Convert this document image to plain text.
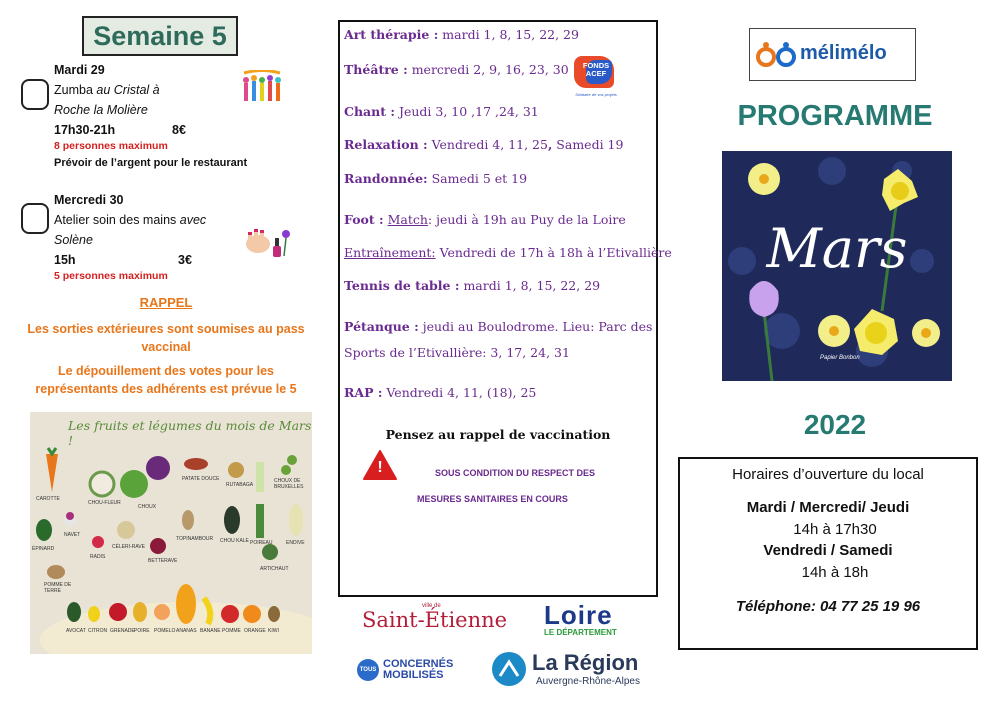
Semaine 5
Mardi 29
Zumba au Cristal à
Roche la Molière
17h30-21h	8€
8 personnes maximum
Prévoir de l’argent pour le restaurant
Mercredi 30
Atelier soin des mains avec
Solène
15h	3€
5 personnes maximum
RAPPEL
Les sorties extérieures sont soumises au pass
vaccinal
Le dépouillement des votes pour les
représentants des adhérents est prévue le 5
Les fruits et légumes du mois de Mars !
CAROTTE
CHOU-FLEUR
CHOUX
PATATE DOUCE
RUTABAGA
CHOUX DE BRUXELLES
NAVET
ÉPINARD
RADIS
CÉLERI-RAVE
BETTERAVE
TOPINAMBOUR CHOU KALE POIREAU	ENDIVE
ARTICHAUT
POMME DE TERRE
AVOCAT CITRON GRENADE POIRE POMELO ANANAS BANANE POMME ORANGE KIWI
Art thérapie : mardi 1, 8, 15, 22, 29
Théâtre : mercredi 2, 9, 16, 23, 30
Chant : Jeudi 3, 10 ,17 ,24, 31
Relaxation : Vendredi 4, 11, 25, Samedi 19
Randonnée: Samedi 5 et 19
Foot : Match: jeudi à 19h au Puy de la Loire
Entraînement: Vendredi de 17h à 18h à l’Etivallière
Tennis de table : mardi 1, 8, 15, 22, 29
Pétanque : jeudi au Boulodrome. Lieu: Parc des
Sports de l’Etivallière: 3, 17, 24, 31
RAP : Vendredi 4, 11, (18), 25
FONDS
ACEF
Solidaire de vos projets
Pensez au rappel de vaccination
!	SOUS CONDITION DU RESPECT DES
MESURES SANITAIRES EN COURS
ville de
Saint-Étienne Loire
LE DÉPARTEMENT
TOUS CONCERNÉS
MOBILISÉS	La Région
Auvergne-Rhône-Alpes
mélimélo
PROGRAMME
Mars
Papier Bonbon
2022
Horaires d’ouverture du local
Mardi / Mercredi/ Jeudi
14h à 17h30
Vendredi / Samedi
14h à 18h
Téléphone: 04 77 25 19 96
